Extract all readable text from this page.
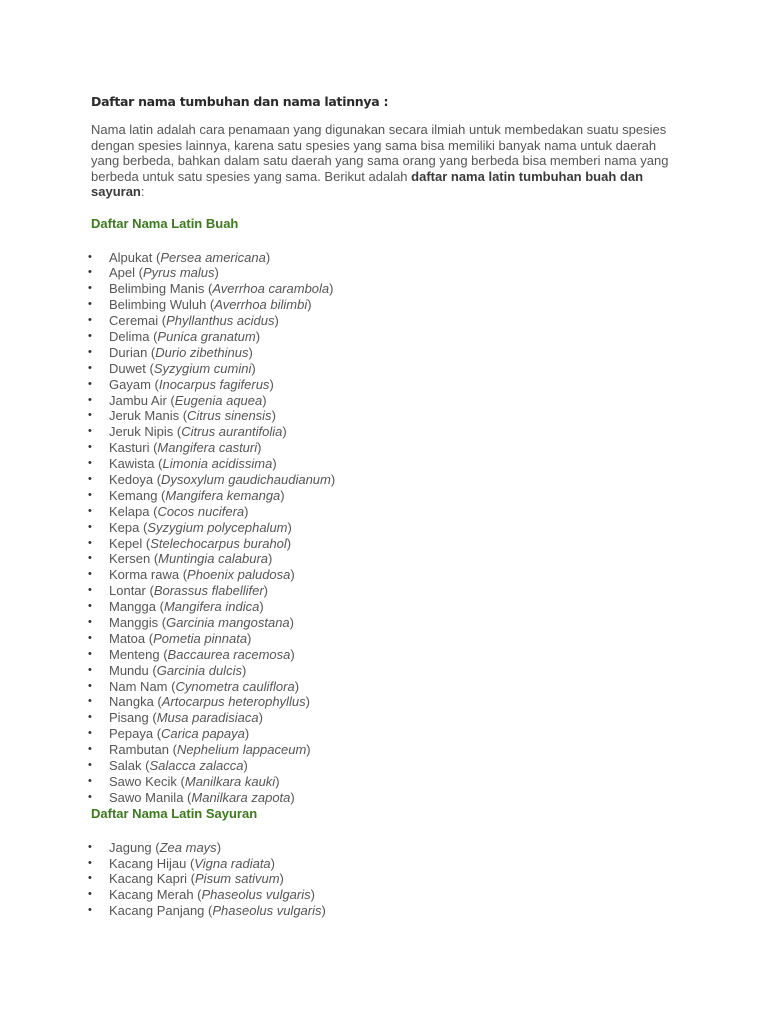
Daftar nama tumbuhan dan nama latinnya :

Nama latin adalah cara penamaan yang digunakan secara ilmiah untuk membedakan suatu spesies dengan spesies lainnya, karena satu spesies yang sama bisa memiliki banyak nama untuk daerah yang berbeda, bahkan dalam satu daerah yang sama orang yang berbeda bisa memberi nama yang berbeda untuk satu spesies yang sama. Berikut adalah daftar nama latin tumbuhan buah dan sayuran:

Daftar Nama Latin Buah
• Alpukat (Persea americana)
• Apel (Pyrus malus)
• Belimbing Manis (Averrhoa carambola)
• Belimbing Wuluh (Averrhoa bilimbi)
• Ceremai (Phyllanthus acidus)
• Delima (Punica granatum)
• Durian (Durio zibethinus)
• Duwet (Syzygium cumini)
• Gayam (Inocarpus fagiferus)
• Jambu Air (Eugenia aquea)
• Jeruk Manis (Citrus sinensis)
• Jeruk Nipis (Citrus aurantifolia)
• Kasturi (Mangifera casturi)
• Kawista (Limonia acidissima)
• Kedoya (Dysoxylum gaudichaudianum)
• Kemang (Mangifera kemanga)
• Kelapa (Cocos nucifera)
• Kepa (Syzygium polycephalum)
• Kepel (Stelechocarpus burahol)
• Kersen (Muntingia calabura)
• Korma rawa (Phoenix paludosa)
• Lontar (Borassus flabellifer)
• Mangga (Mangifera indica)
• Manggis (Garcinia mangostana)
• Matoa (Pometia pinnata)
• Menteng (Baccaurea racemosa)
• Mundu (Garcinia dulcis)
• Nam Nam (Cynometra cauliflora)
• Nangka (Artocarpus heterophyllus)
• Pisang (Musa paradisiaca)
• Pepaya (Carica papaya)
• Rambutan (Nephelium lappaceum)
• Salak (Salacca zalacca)
• Sawo Kecik (Manilkara kauki)
• Sawo Manila (Manilkara zapota)
Daftar Nama Latin Sayuran
• Jagung (Zea mays)
• Kacang Hijau (Vigna radiata)
• Kacang Kapri (Pisum sativum)
• Kacang Merah (Phaseolus vulgaris)
• Kacang Panjang (Phaseolus vulgaris)
